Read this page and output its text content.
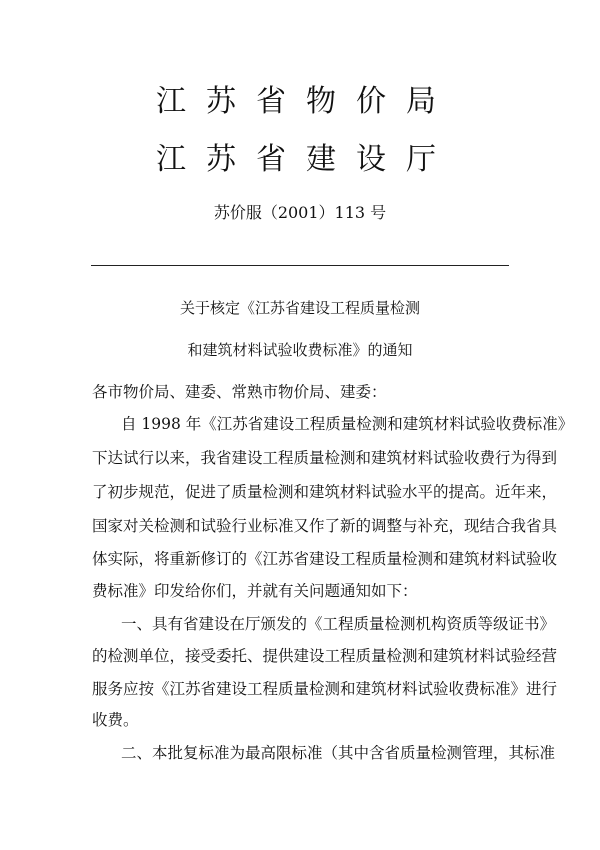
江苏省物价局
江苏省建设厅
苏价服（2001）113 号
关于核定《江苏省建设工程质量检测
和建筑材料试验收费标准》的通知
各市物价局、建委、常熟市物价局、建委：
自 1998 年《江苏省建设工程质量检测和建筑材料试验收费标准》
下达试行以来，我省建设工程质量检测和建筑材料试验收费行为得到
了初步规范，促进了质量检测和建筑材料试验水平的提高。近年来，
国家对关检测和试验行业标准又作了新的调整与补充，现结合我省具
体实际，将重新修订的《江苏省建设工程质量检测和建筑材料试验收
费标准》印发给你们，并就有关问题通知如下：
一、具有省建设在厅颁发的《工程质量检测机构资质等级证书》
的检测单位，接受委托、提供建设工程质量检测和建筑材料试验经营
服务应按《江苏省建设工程质量检测和建筑材料试验收费标准》进行
收费。
二、本批复标准为最高限标准（其中含省质量检测管理，其标准
